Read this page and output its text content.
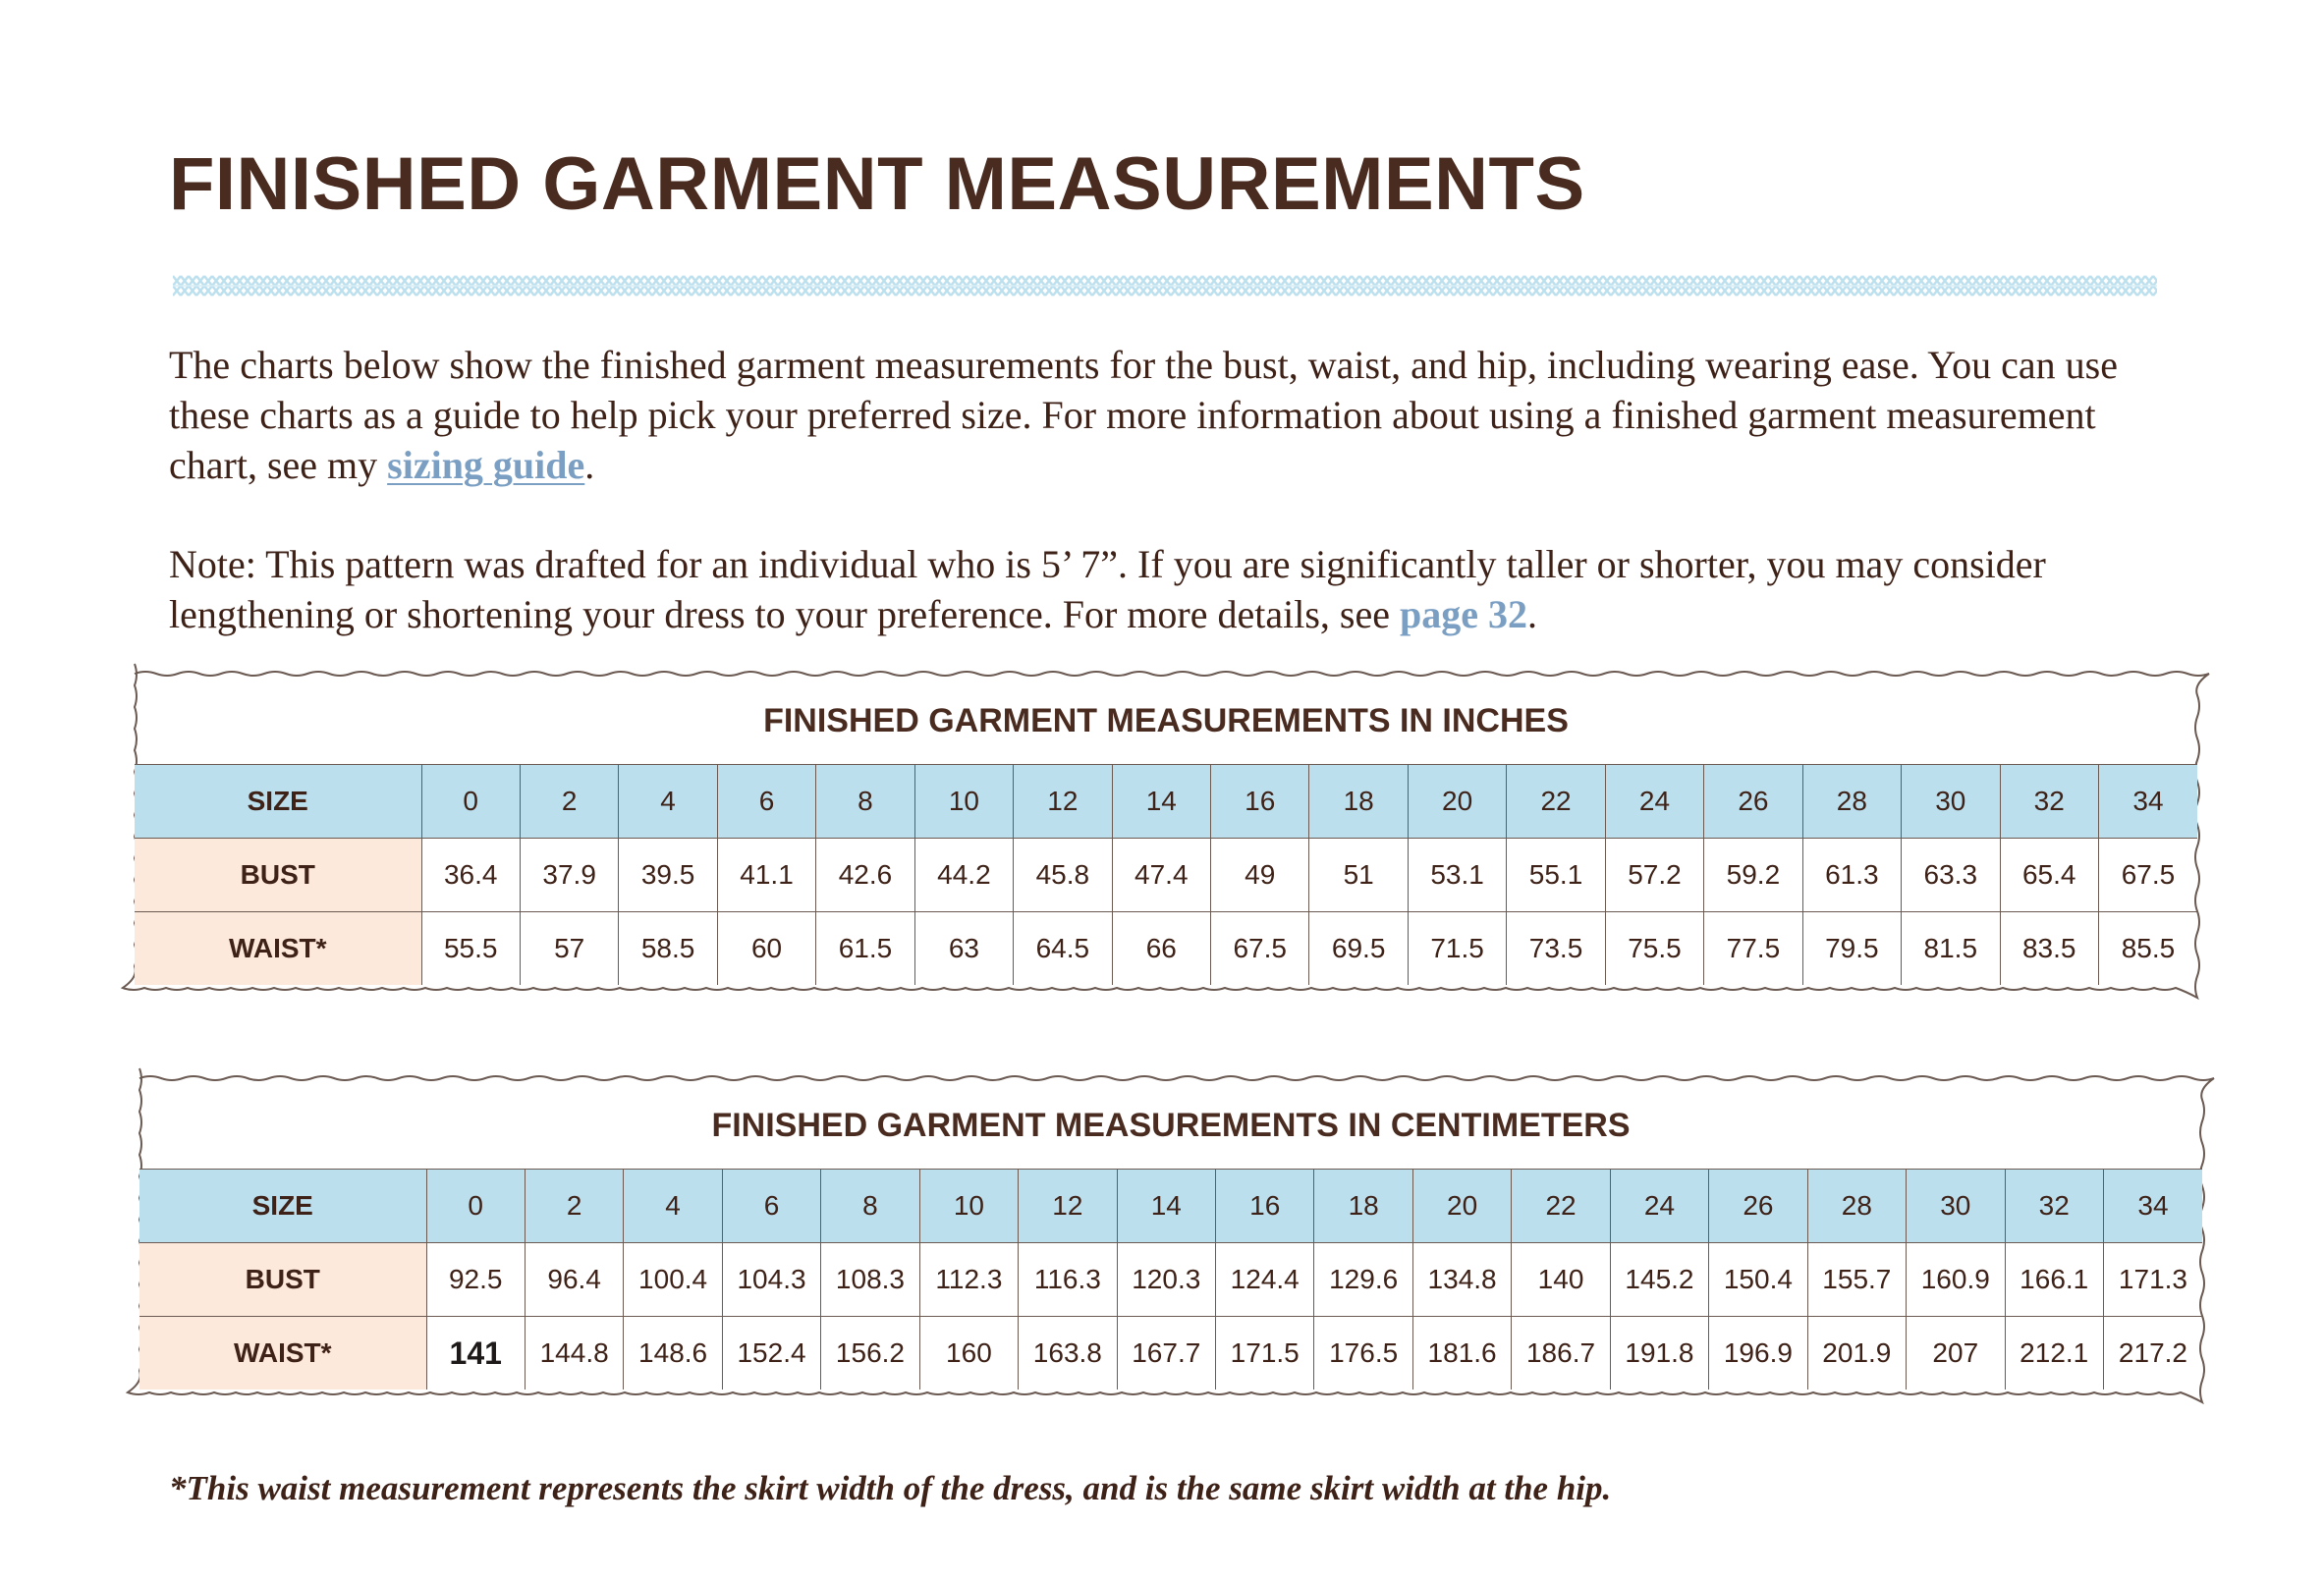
FINISHED GARMENT MEASUREMENTS

The charts below show the finished garment measurements for the bust, waist, and hip, including wearing ease. You can use these charts as a guide to help pick your preferred size. For more information about using a finished garment measurement chart, see my sizing guide.

Note: This pattern was drafted for an individual who is 5’ 7”. If you are significantly taller or shorter, you may consider lengthening or shortening your dress to your preference. For more details, see page 32.

FINISHED GARMENT MEASUREMENTS IN INCHES
SIZE	0	2	4	6	8	10	12	14	16	18	20	22	24	26	28	30	32	34
BUST	36.4	37.9	39.5	41.1	42.6	44.2	45.8	47.4	49	51	53.1	55.1	57.2	59.2	61.3	63.3	65.4	67.5
WAIST*	55.5	57	58.5	60	61.5	63	64.5	66	67.5	69.5	71.5	73.5	75.5	77.5	79.5	81.5	83.5	85.5
FINISHED GARMENT MEASUREMENTS IN CENTIMETERS
SIZE	0	2	4	6	8	10	12	14	16	18	20	22	24	26	28	30	32	34
BUST	92.5	96.4	100.4	104.3	108.3	112.3	116.3	120.3	124.4	129.6	134.8	140	145.2	150.4	155.7	160.9	166.1	171.3
WAIST*	141	144.8	148.6	152.4	156.2	160	163.8	167.7	171.5	176.5	181.6	186.7	191.8	196.9	201.9	207	212.1	217.2

*This waist measurement represents the skirt width of the dress, and is the same skirt width at the hip.
